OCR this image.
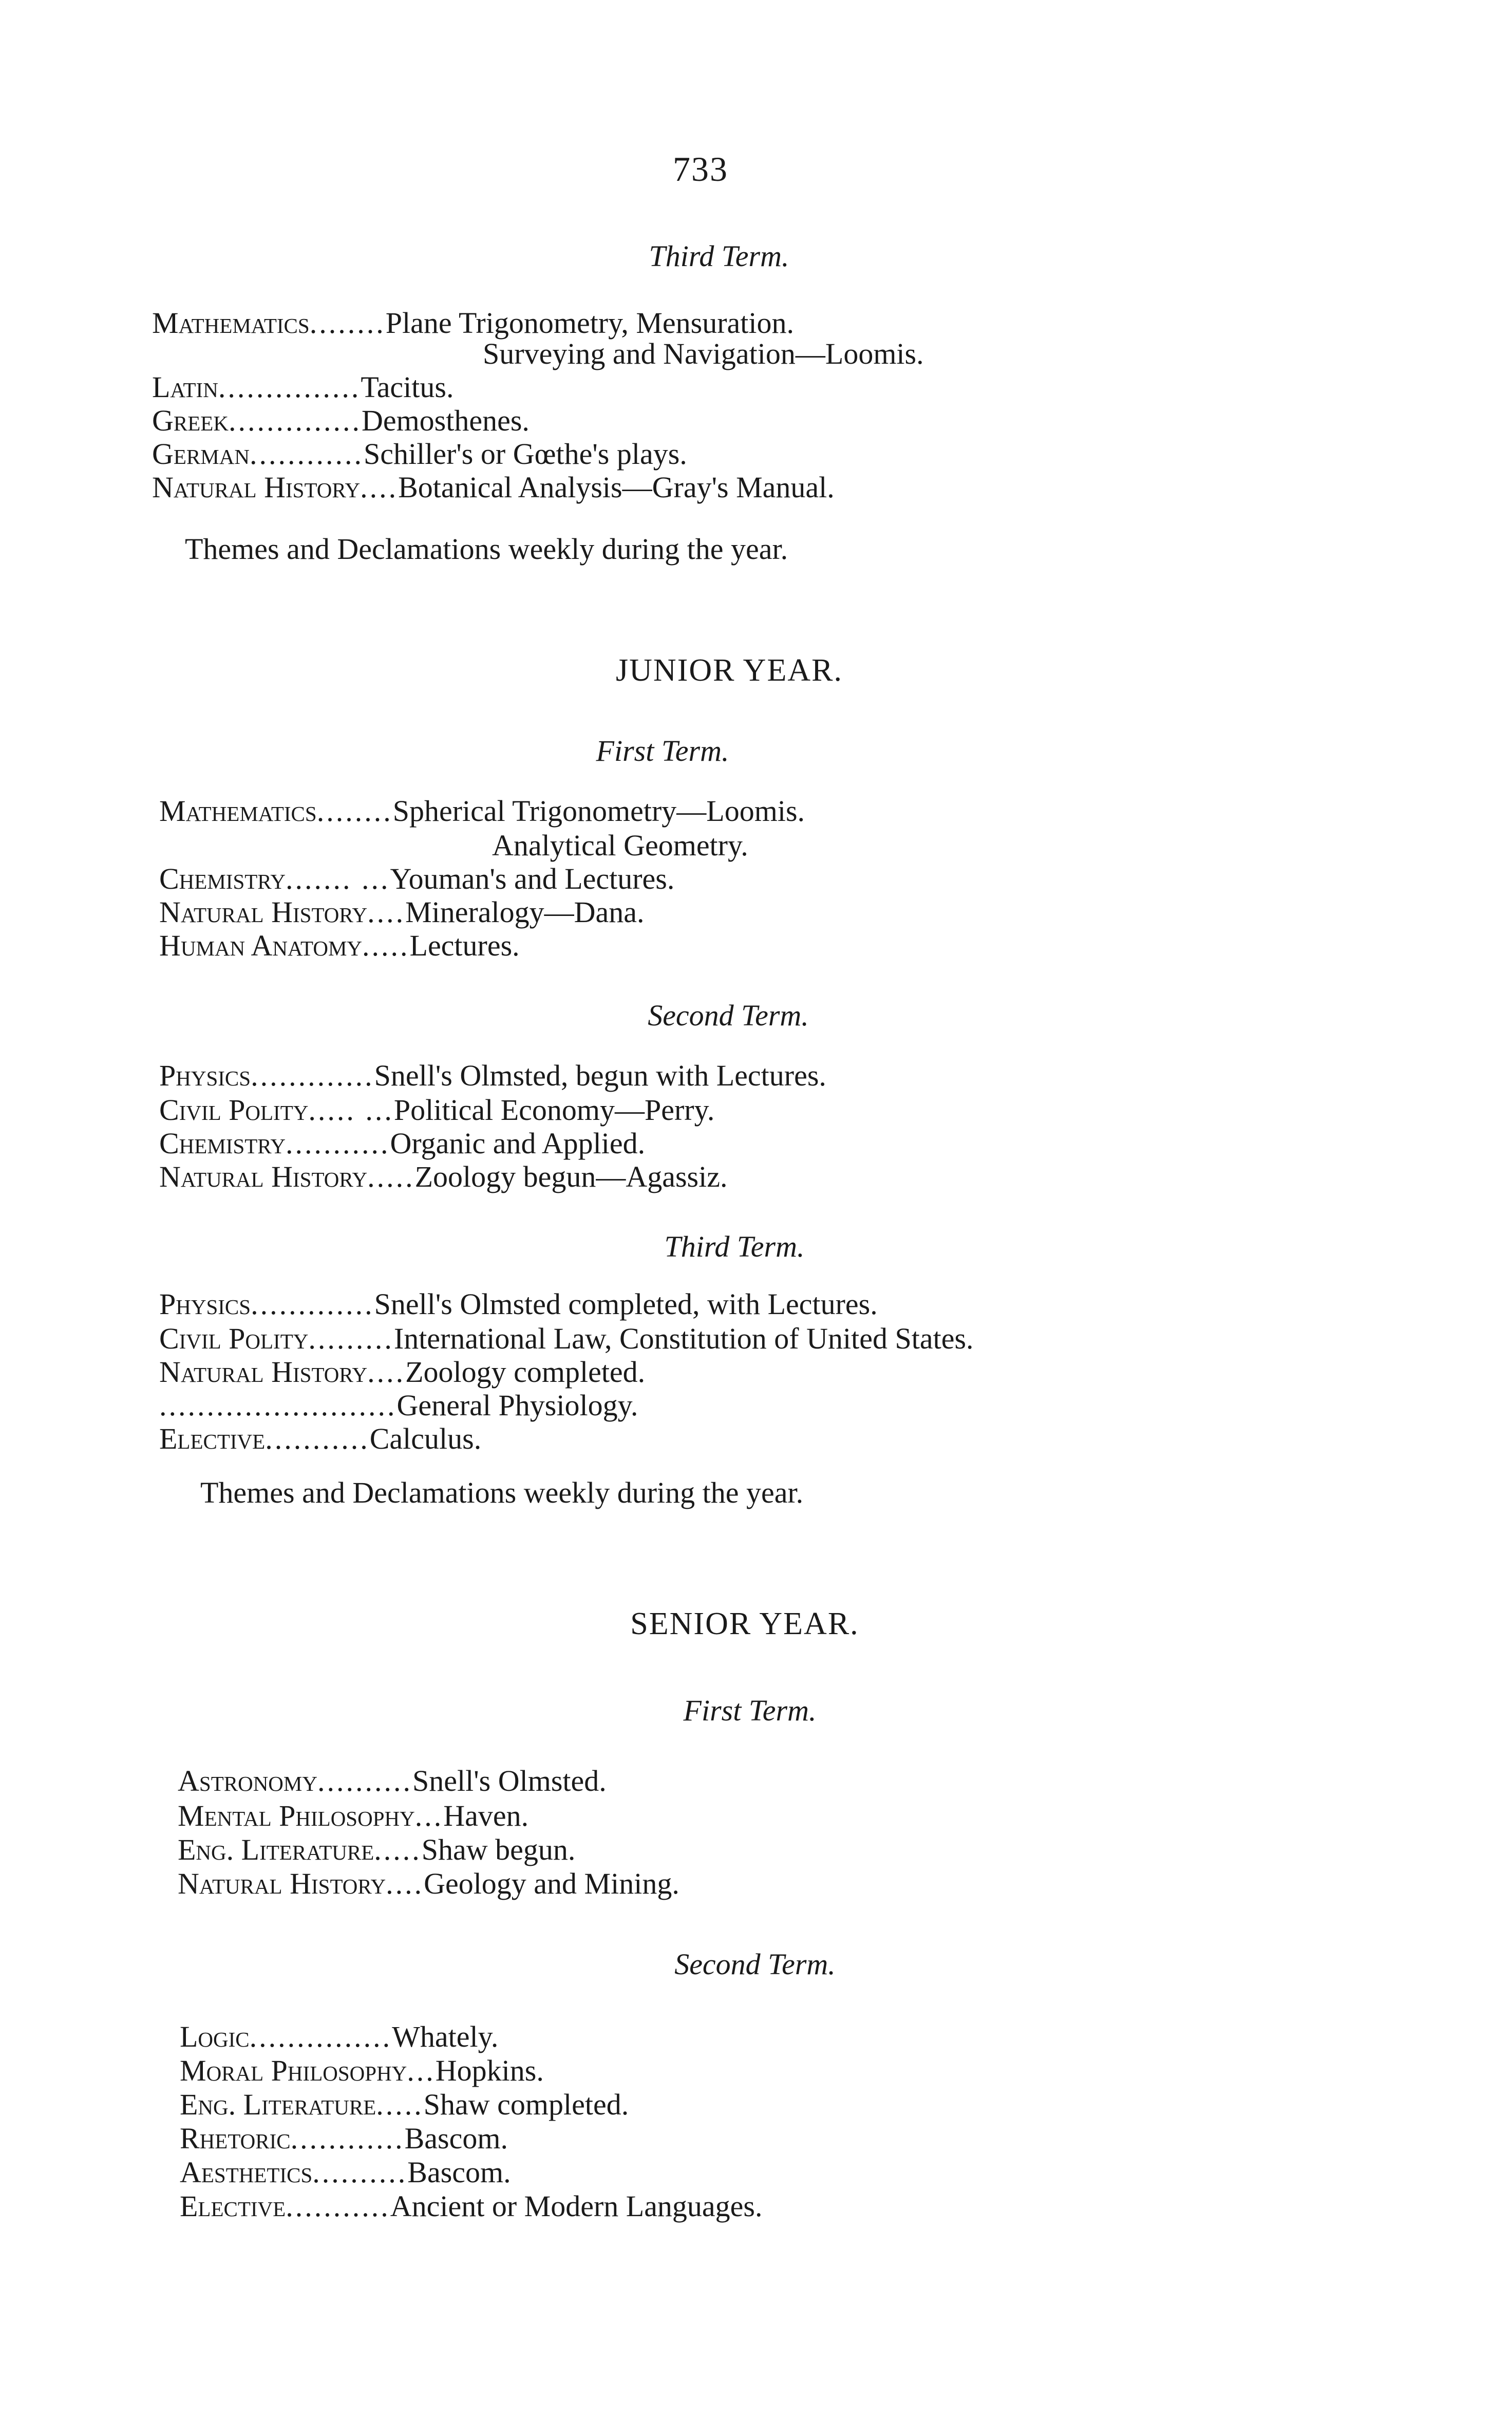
733
Third Term.
Mathematics........Plane Trigonometry, Mensuration.
Surveying and Navigation—Loomis.
Latin...............Tacitus.
Greek..............Demosthenes.
German............Schiller's or Gœthe's plays.
Natural History....Botanical Analysis—Gray's Manual.
Themes and Declamations weekly during the year.
JUNIOR YEAR.
First Term.
Mathematics........Spherical Trigonometry—Loomis.
Analytical Geometry.
Chemistry....... ...Youman's and Lectures.
Natural History....Mineralogy—Dana.
Human Anatomy.....Lectures.
Second Term.
Physics.............Snell's Olmsted, begun with Lectures.
Civil Polity..... ...Political Economy—Perry.
Chemistry...........Organic and Applied.
Natural History.....Zoology begun—Agassiz.
Third Term.
Physics.............Snell's Olmsted completed, with Lectures.
Civil Polity.........International Law, Constitution of United States.
Natural History....Zoology completed.
.........................General Physiology.
Elective...........Calculus.
Themes and Declamations weekly during the year.
SENIOR YEAR.
First Term.
Astronomy..........Snell's Olmsted.
Mental Philosophy...Haven.
Eng. Literature.....Shaw begun.
Natural History....Geology and Mining.
Second Term.
Logic...............Whately.
Moral Philosophy...Hopkins.
Eng. Literature.....Shaw completed.
Rhetoric............Bascom.
Aesthetics..........Bascom.
Elective...........Ancient or Modern Languages.
